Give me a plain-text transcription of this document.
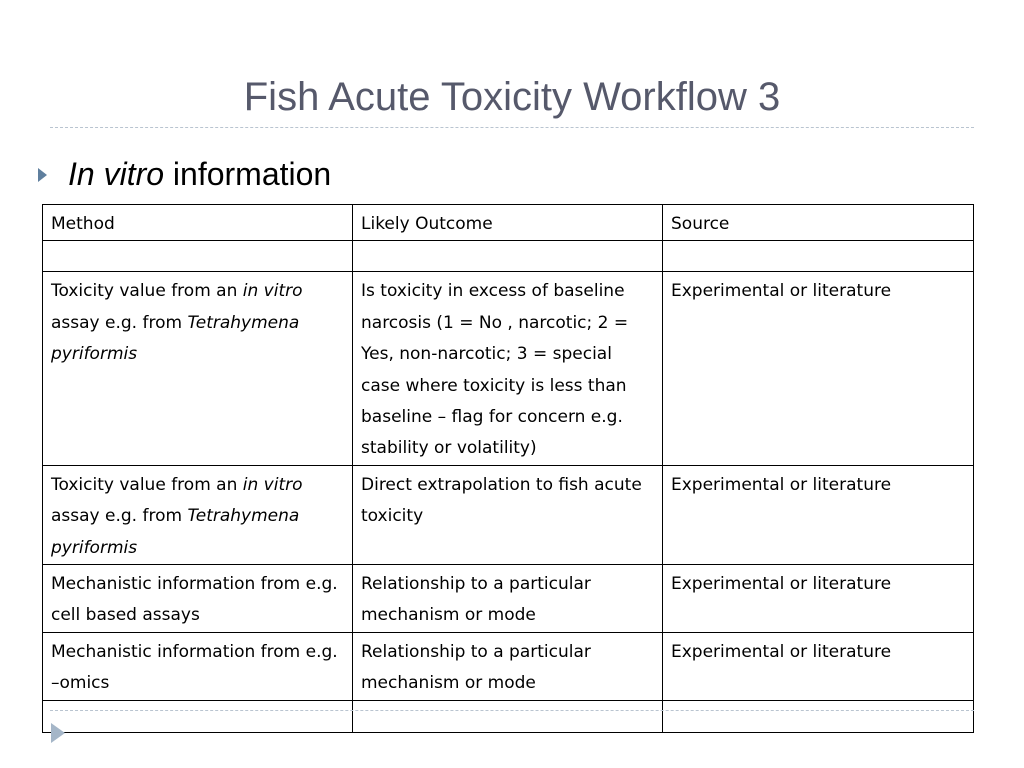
Fish Acute Toxicity Workflow 3
In vitro information
Method	Likely Outcome	Source

Toxicity value from an in vitro assay e.g. from Tetrahymena pyriformis	Is toxicity in excess of baseline narcosis (1 = No , narcotic; 2 = Yes, non-narcotic; 3 = special case where toxicity is less than baseline – flag for concern e.g. stability or volatility)	Experimental or literature
Toxicity value from an in vitro assay e.g. from Tetrahymena pyriformis	Direct extrapolation to fish acute toxicity	Experimental or literature
Mechanistic information from e.g. cell based assays	Relationship to a particular mechanism or mode	Experimental or literature
Mechanistic information from e.g. –omics	Relationship to a particular mechanism or mode	Experimental or literature
